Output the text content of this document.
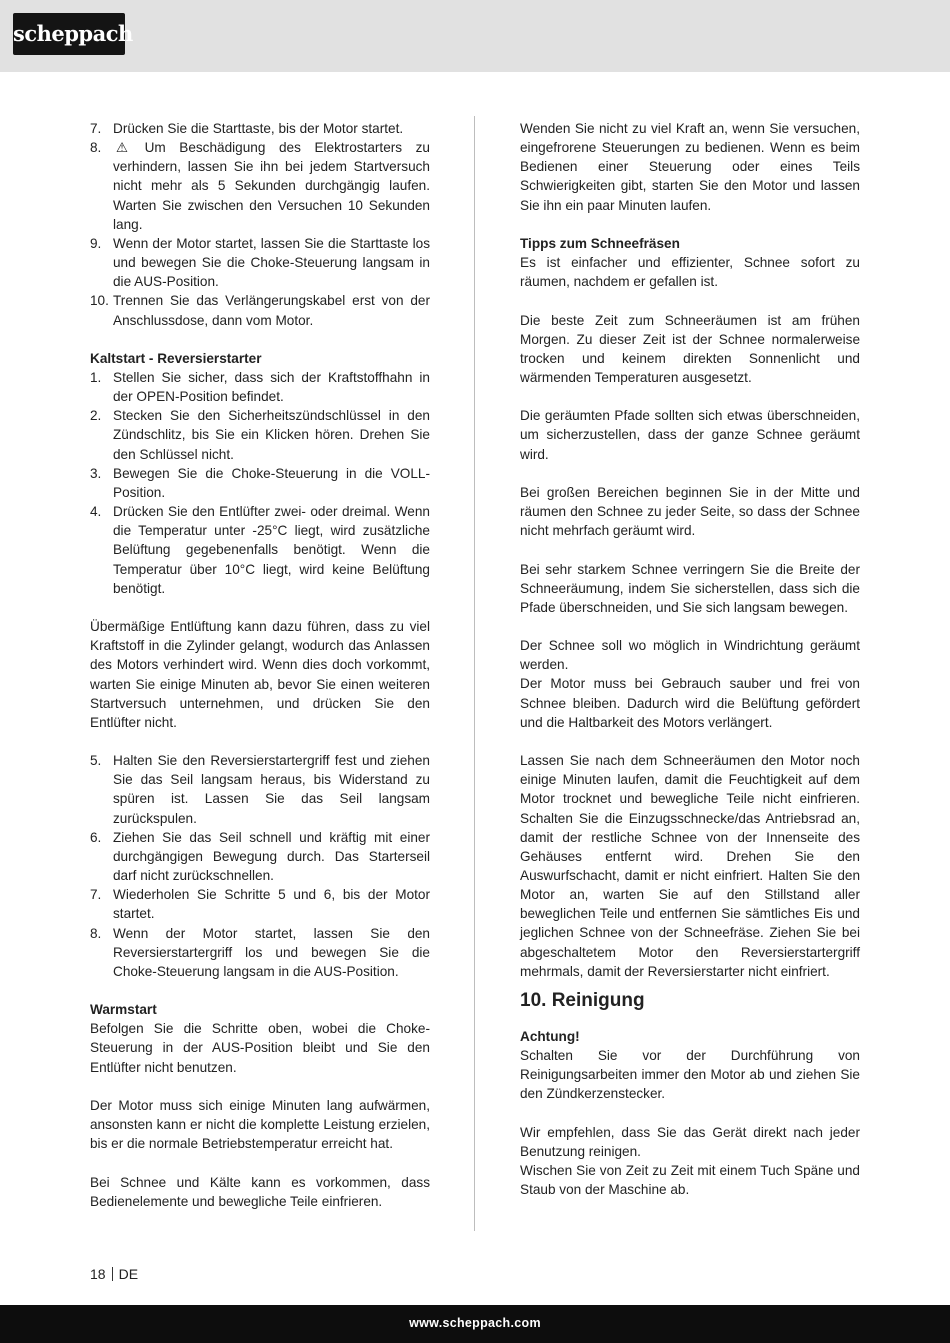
scheppach
7. Drücken Sie die Starttaste, bis der Motor startet.
8. ⚠ Um Beschädigung des Elektrostarters zu verhindern, lassen Sie ihn bei jedem Startversuch nicht mehr als 5 Sekunden durchgängig laufen. Warten Sie zwischen den Versuchen 10 Sekunden lang.
9. Wenn der Motor startet, lassen Sie die Starttaste los und bewegen Sie die Choke-Steuerung langsam in die AUS-Position.
10. Trennen Sie das Verlängerungskabel erst von der Anschlussdose, dann vom Motor.
Kaltstart - Reversierstarter
1. Stellen Sie sicher, dass sich der Kraftstoffhahn in der OPEN-Position befindet.
2. Stecken Sie den Sicherheitszündschlüssel in den Zündschlitz, bis Sie ein Klicken hören. Drehen Sie den Schlüssel nicht.
3. Bewegen Sie die Choke-Steuerung in die VOLL-Position.
4. Drücken Sie den Entlüfter zwei- oder dreimal. Wenn die Temperatur unter -25°C liegt, wird zusätzliche Belüftung gegebenenfalls benötigt. Wenn die Temperatur über 10°C liegt, wird keine Belüftung benötigt.

Übermäßige Entlüftung kann dazu führen, dass zu viel Kraftstoff in die Zylinder gelangt, wodurch das Anlassen des Motors verhindert wird. Wenn dies doch vorkommt, warten Sie einige Minuten ab, bevor Sie einen weiteren Startversuch unternehmen, und drücken Sie den Entlüfter nicht.

5. Halten Sie den Reversierstartergriff fest und ziehen Sie das Seil langsam heraus, bis Widerstand zu spüren ist. Lassen Sie das Seil langsam zurückspulen.
6. Ziehen Sie das Seil schnell und kräftig mit einer durchgängigen Bewegung durch. Das Starterseil darf nicht zurückschnellen.
7. Wiederholen Sie Schritte 5 und 6, bis der Motor startet.
8. Wenn der Motor startet, lassen Sie den Reversierstartergriff los und bewegen Sie die Choke-Steuerung langsam in die AUS-Position.
Warmstart

Befolgen Sie die Schritte oben, wobei die Choke-Steuerung in der AUS-Position bleibt und Sie den Entlüfter nicht benutzen.

Der Motor muss sich einige Minuten lang aufwärmen, ansonsten kann er nicht die komplette Leistung erzielen, bis er die normale Betriebstemperatur erreicht hat.

Bei Schnee und Kälte kann es vorkommen, dass Bedienelemente und bewegliche Teile einfrieren.

Wenden Sie nicht zu viel Kraft an, wenn Sie versuchen, eingefrorene Steuerungen zu bedienen. Wenn es beim Bedienen einer Steuerung oder eines Teils Schwierigkeiten gibt, starten Sie den Motor und lassen Sie ihn ein paar Minuten laufen.

Tipps zum Schneefräsen

Es ist einfacher und effizienter, Schnee sofort zu räumen, nachdem er gefallen ist.

Die beste Zeit zum Schneeräumen ist am frühen Morgen. Zu dieser Zeit ist der Schnee normalerweise trocken und keinem direkten Sonnenlicht und wärmenden Temperaturen ausgesetzt.

Die geräumten Pfade sollten sich etwas überschneiden, um sicherzustellen, dass der ganze Schnee geräumt wird.

Bei großen Bereichen beginnen Sie in der Mitte und räumen den Schnee zu jeder Seite, so dass der Schnee nicht mehrfach geräumt wird.

Bei sehr starkem Schnee verringern Sie die Breite der Schneeräumung, indem Sie sicherstellen, dass sich die Pfade überschneiden, und Sie sich langsam bewegen.

Der Schnee soll wo möglich in Windrichtung geräumt werden.

Der Motor muss bei Gebrauch sauber und frei von Schnee bleiben. Dadurch wird die Belüftung gefördert und die Haltbarkeit des Motors verlängert.

Lassen Sie nach dem Schneeräumen den Motor noch einige Minuten laufen, damit die Feuchtigkeit auf dem Motor trocknet und bewegliche Teile nicht einfrieren. Schalten Sie die Einzugsschnecke/das Antriebsrad an, damit der restliche Schnee von der Innenseite des Gehäuses entfernt wird. Drehen Sie den Auswurfschacht, damit er nicht einfriert. Halten Sie den Motor an, warten Sie auf den Stillstand aller beweglichen Teile und entfernen Sie sämtliches Eis und jeglichen Schnee von der Schneefräse. Ziehen Sie bei abgeschaltetem Motor den Reversierstartergriff mehrmals, damit der Reversierstarter nicht einfriert.

10. Reinigung
Achtung!

Schalten Sie vor der Durchführung von Reinigungsarbeiten immer den Motor ab und ziehen Sie den Zündkerzenstecker.

Wir empfehlen, dass Sie das Gerät direkt nach jeder Benutzung reinigen.

Wischen Sie von Zeit zu Zeit mit einem Tuch Späne und Staub von der Maschine ab.

18 DE
www.scheppach.com
